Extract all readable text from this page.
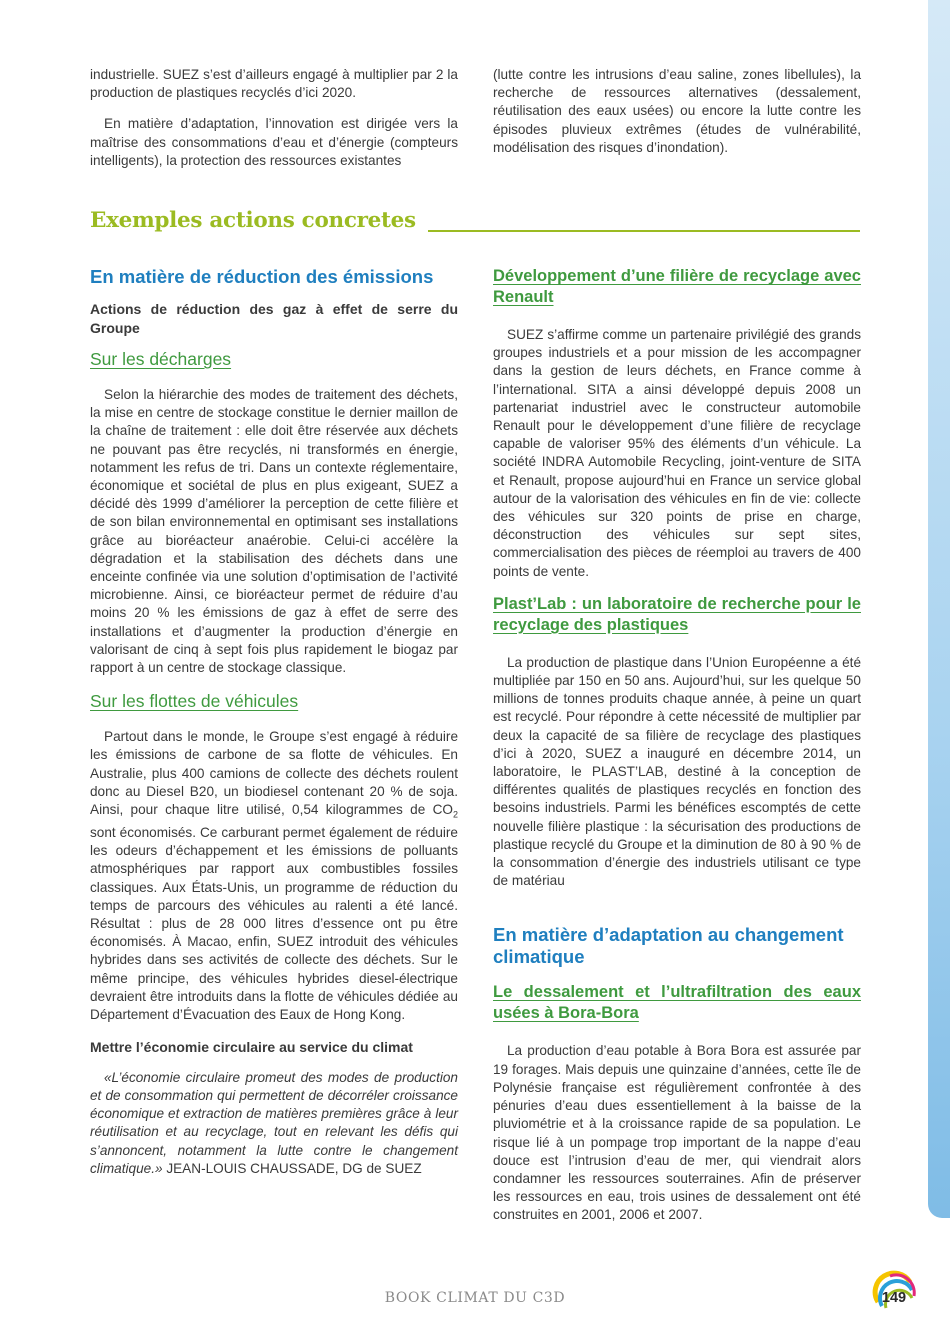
industrielle. SUEZ s’est d’ailleurs engagé à multiplier par 2 la production de plastiques recyclés d’ici 2020.

En matière d’adaptation, l’innovation est dirigée vers la maîtrise des consommations d’eau et d’énergie (compteurs intelligents), la protection des ressources existantes

(lutte contre les intrusions d’eau saline, zones libellules), la recherche de ressources alternatives (dessalement, réutilisation des eaux usées) ou encore la lutte contre les épisodes pluvieux extrêmes (études de vulnérabilité, modélisation des risques d’inondation).

Exemples actions concretes
En matière de réduction des émissions
Actions de réduction des gaz à effet de serre du Groupe
Sur les décharges

Selon la hiérarchie des modes de traitement des déchets, la mise en centre de stockage constitue le dernier maillon de la chaîne de traitement : elle doit être réservée aux déchets ne pouvant pas être recyclés, ni transformés en énergie, notamment les refus de tri. Dans un contexte réglementaire, économique et sociétal de plus en plus exigeant, SUEZ a décidé dès 1999 d’améliorer la perception de cette filière et de son bilan environnemental en optimisant ses installations grâce au bioréacteur anaérobie. Celui-ci accélère la dégradation et la stabilisation des déchets dans une enceinte confinée via une solution d’optimisation de l’activité microbienne. Ainsi, ce bioréacteur permet de réduire d’au moins 20 % les émissions de gaz à effet de serre des installations et d’augmenter la production d’énergie en valorisant de cinq à sept fois plus rapidement le biogaz par rapport à un centre de stockage classique.

Sur les flottes de véhicules

Partout dans le monde, le Groupe s’est engagé à réduire les émissions de carbone de sa flotte de véhicules. En Australie, plus 400 camions de collecte des déchets roulent donc au Diesel B20, un biodiesel contenant 20 % de soja. Ainsi, pour chaque litre utilisé, 0,54 kilogrammes de $CO_2$ sont économisés. Ce carburant permet également de réduire les odeurs d’échappement et les émissions de polluants atmosphériques par rapport aux combustibles fossiles classiques. Aux États-Unis, un programme de réduction du temps de parcours des véhicules au ralenti a été lancé. Résultat : plus de 28 000 litres d’essence ont pu être économisés. À Macao, enfin, SUEZ introduit des véhicules hybrides dans ses activités de collecte des déchets. Sur le même principe, des véhicules hybrides diesel-électrique devraient être introduits dans la flotte de véhicules dédiée au Département d’Évacuation des Eaux de Hong Kong.

Mettre l’économie circulaire au service du climat

«L’économie circulaire promeut des modes de production et de consommation qui permettent de décorréler croissance économique et extraction de matières premières grâce à leur réutilisation et au recyclage, tout en relevant les défis qui s’annoncent, notamment la lutte contre le changement climatique.» JEAN-LOUIS CHAUSSADE, DG de SUEZ

Développement d’une filière de recyclage avec Renault

SUEZ s’affirme comme un partenaire privilégié des grands groupes industriels et a pour mission de les accompagner dans la gestion de leurs déchets, en France comme à l’international. SITA a ainsi développé depuis 2008 un partenariat industriel avec le constructeur automobile Renault pour le développement d’une filière de recyclage capable de valoriser 95% des éléments d’un véhicule. La société INDRA Automobile Recycling, joint-venture de SITA et Renault, propose aujourd’hui en France un service global autour de la valorisation des véhicules en fin de vie: collecte des véhicules sur 320 points de prise en charge, déconstruction des véhicules sur sept sites, commercialisation des pièces de réemploi au travers de 400 points de vente.

Plast’Lab : un laboratoire de recherche pour le recyclage des plastiques

La production de plastique dans l’Union Européenne a été multipliée par 150 en 50 ans. Aujourd’hui, sur les quelque 50 millions de tonnes produits chaque année, à peine un quart est recyclé. Pour répondre à cette nécessité de multiplier par deux la capacité de sa filière de recyclage des plastiques d’ici à 2020, SUEZ a inauguré en décembre 2014, un laboratoire, le PLAST’LAB, destiné à la conception de différentes qualités de plastiques recyclés en fonction des besoins industriels. Parmi les bénéfices escomptés de cette nouvelle filière plastique : la sécurisation des productions de plastique recyclé du Groupe et la diminution de 80 à 90 % de la consommation d’énergie des industriels utilisant ce type de matériau

En matière d’adaptation au changement climatique
Le dessalement et l’ultrafiltration des eaux usées à Bora-Bora

La production d’eau potable à Bora Bora est assurée par 19 forages. Mais depuis une quinzaine d’années, cette île de Polynésie française est régulièrement confrontée à des pénuries d’eau dues essentiellement à la baisse de la pluviométrie et à la croissance rapide de sa population. Le risque lié à un pompage trop important de la nappe d’eau douce est l’intrusion d’eau de mer, qui viendrait alors condamner les ressources souterraines. Afin de préserver les ressources en eau, trois usines de dessalement ont été construites en 2001, 2006 et 2007.

BOOK CLIMAT DU C3D	149
